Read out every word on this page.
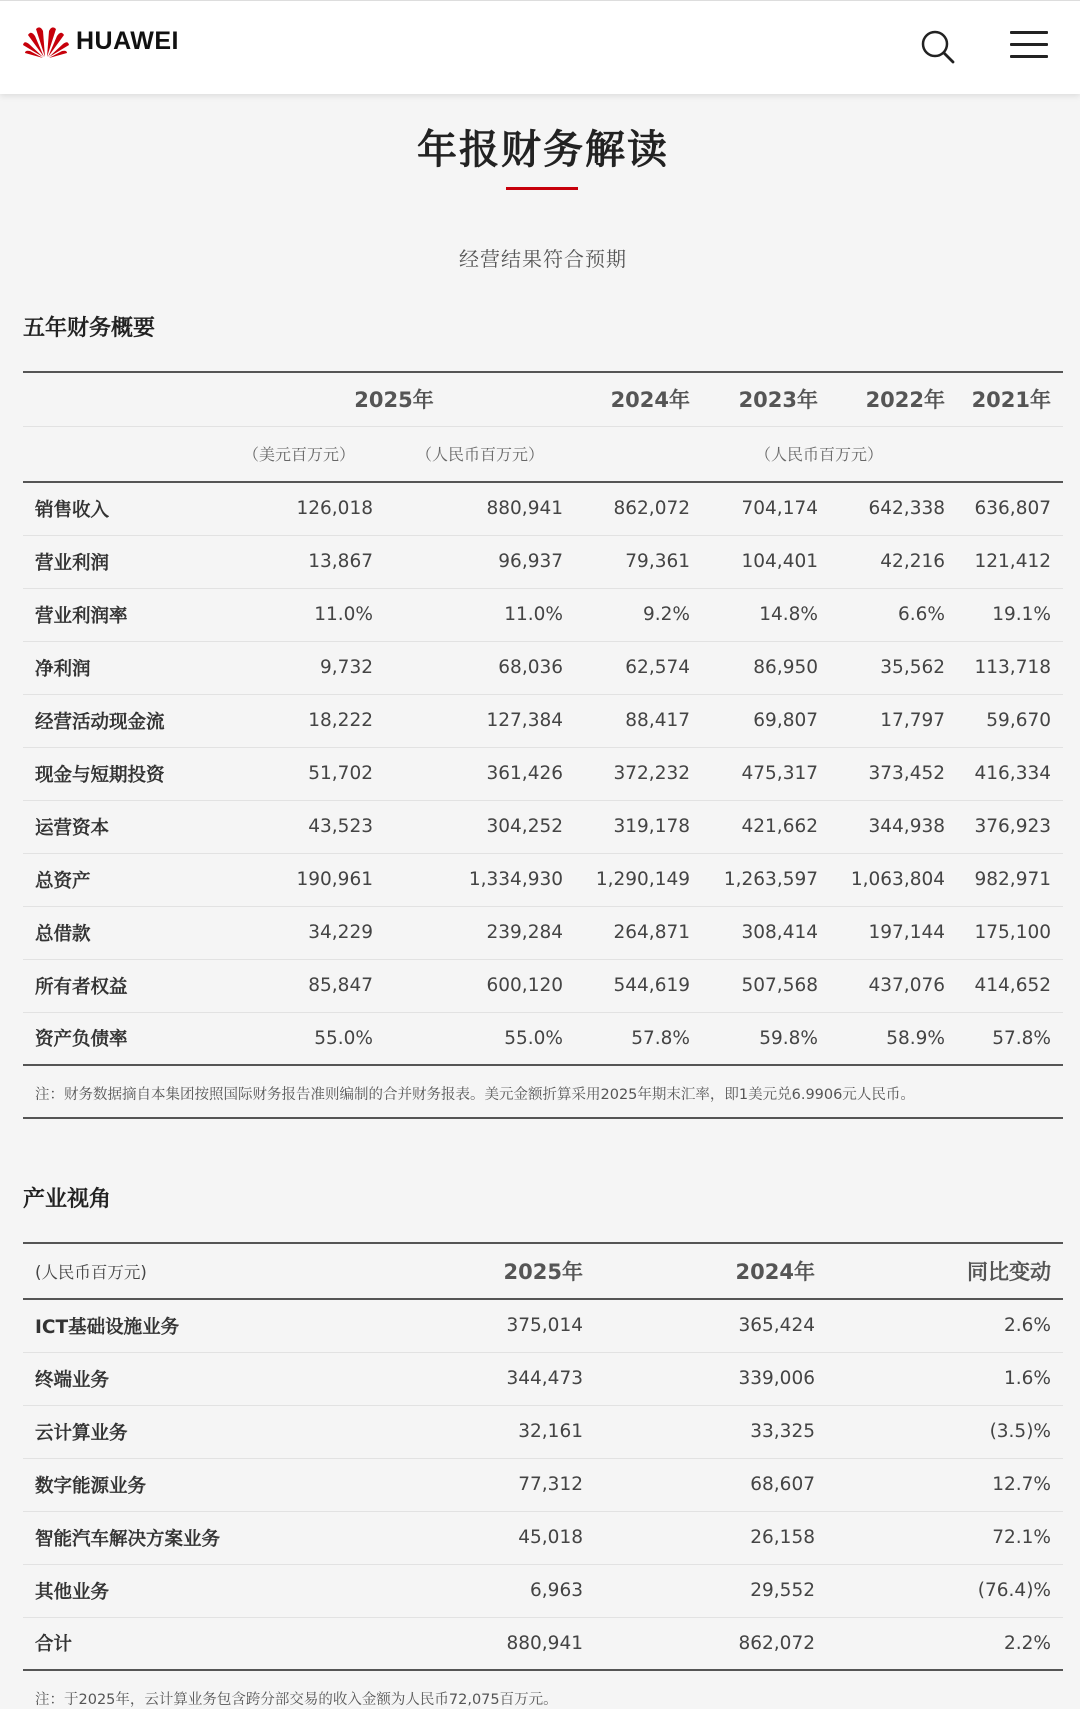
HUAWEI
年报财务解读
经营结果符合预期
五年财务概要
	2025年		2024年	2023年	2022年	2021年
	（美元百万元）	（人民币百万元）	（人民币百万元）			
销售收入	126,018	880,941	862,072	704,174	642,338	636,807
营业利润	13,867	96,937	79,361	104,401	42,216	121,412
营业利润率	11.0%	11.0%	9.2%	14.8%	6.6%	19.1%
净利润	9,732	68,036	62,574	86,950	35,562	113,718
经营活动现金流	18,222	127,384	88,417	69,807	17,797	59,670
现金与短期投资	51,702	361,426	372,232	475,317	373,452	416,334
运营资本	43,523	304,252	319,178	421,662	344,938	376,923
总资产	190,961	1,334,930	1,290,149	1,263,597	1,063,804	982,971
总借款	34,229	239,284	264,871	308,414	197,144	175,100
所有者权益	85,847	600,120	544,619	507,568	437,076	414,652
资产负债率	55.0%	55.0%	57.8%	59.8%	58.9%	57.8%
注：财务数据摘自本集团按照国际财务报告准则编制的合并财务报表。美元金额折算采用2025年期末汇率，即1美元兑6.9906元人民币。
产业视角
(人民币百万元)	2025年	2024年	同比变动
ICT基础设施业务	375,014	365,424	2.6%
终端业务	344,473	339,006	1.6%
云计算业务	32,161	33,325	(3.5)%
数字能源业务	77,312	68,607	12.7%
智能汽车解决方案业务	45,018	26,158	72.1%
其他业务	6,963	29,552	(76.4)%
合计	880,941	862,072	2.2%
注：于2025年，云计算业务包含跨分部交易的收入金额为人民币72,075百万元。
